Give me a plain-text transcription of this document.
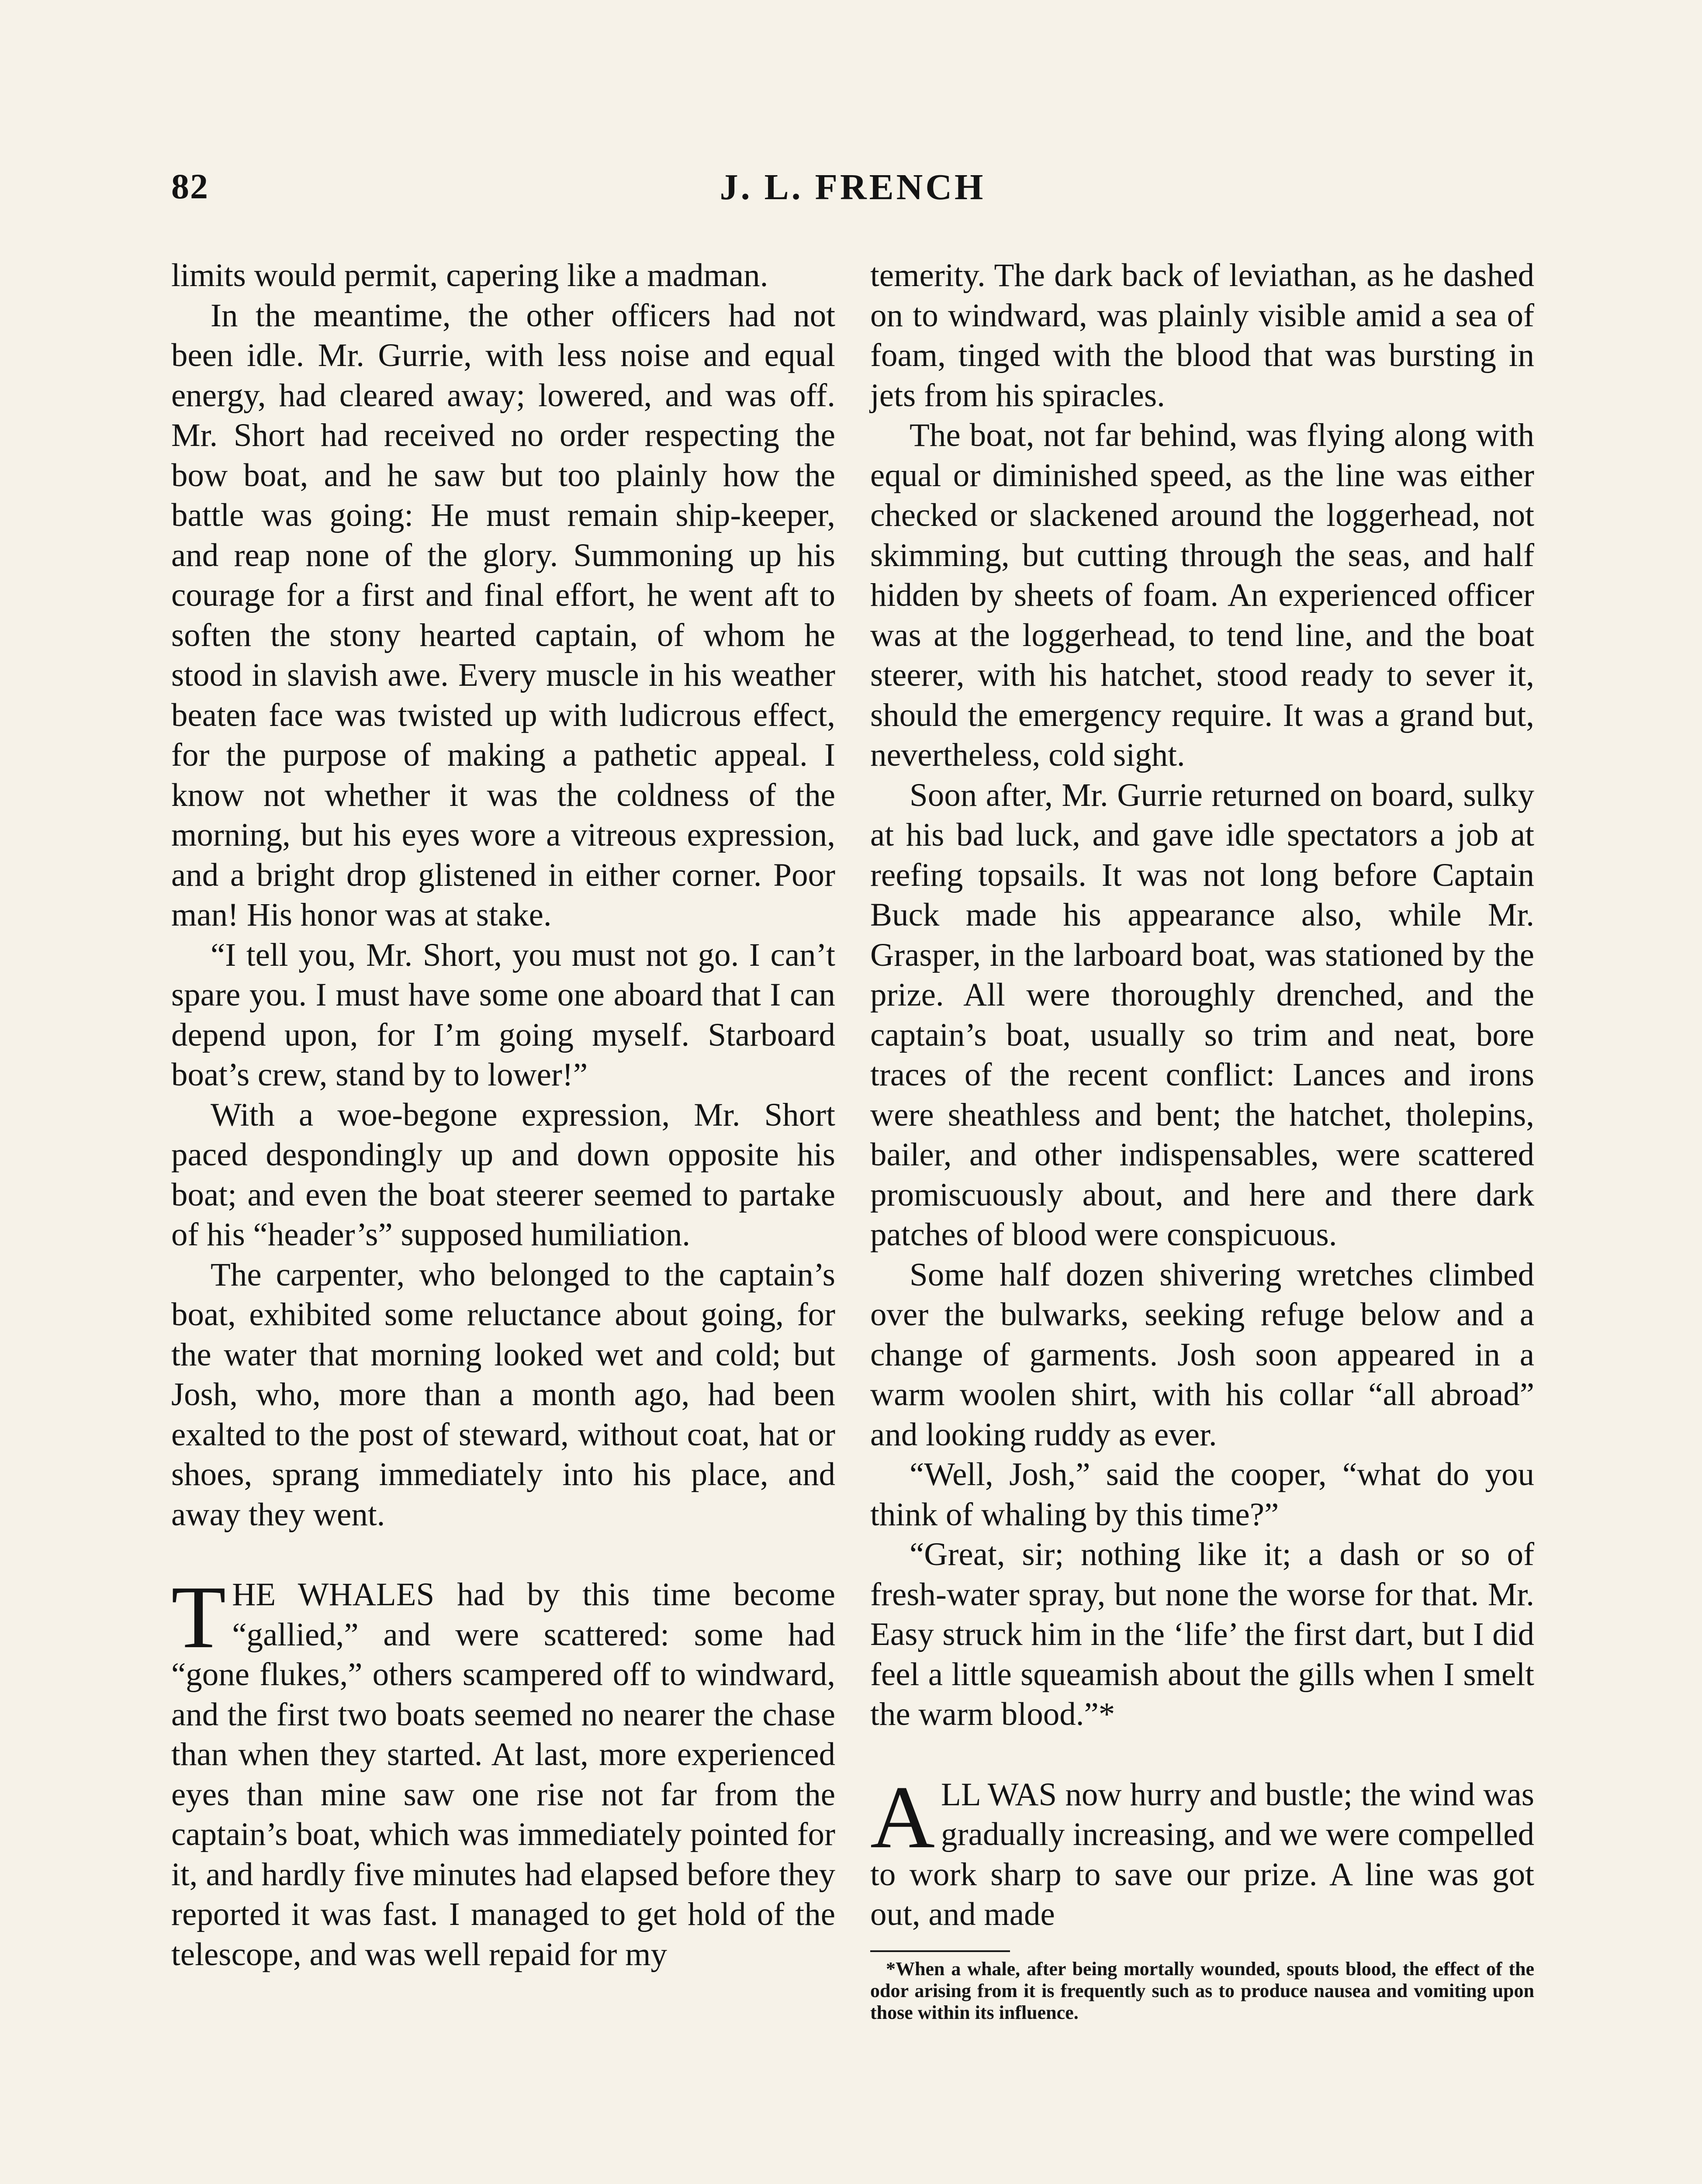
82	J. L. FRENCH

limits would permit, capering like a madman.

In the meantime, the other officers had not been idle. Mr. Gurrie, with less noise and equal energy, had cleared away; lowered, and was off. Mr. Short had received no order respecting the bow boat, and he saw but too plainly how the battle was going: He must remain ship-keeper, and reap none of the glory. Summoning up his courage for a first and final effort, he went aft to soften the stony hearted captain, of whom he stood in slavish awe. Every muscle in his weather beaten face was twisted up with ludicrous effect, for the purpose of making a pathetic appeal. I know not whether it was the coldness of the morning, but his eyes wore a vitreous expression, and a bright drop glistened in either corner. Poor man! His honor was at stake.

“I tell you, Mr. Short, you must not go. I can’t spare you. I must have some one aboard that I can depend upon, for I’m going myself. Starboard boat’s crew, stand by to lower!”

With a woe-begone expression, Mr. Short paced despondingly up and down opposite his boat; and even the boat steerer seemed to partake of his “header’s” supposed humiliation.

The carpenter, who belonged to the captain’s boat, exhibited some reluctance about going, for the water that morning looked wet and cold; but Josh, who, more than a month ago, had been exalted to the post of steward, without coat, hat or shoes, sprang immediately into his place, and away they went.

THE WHALES had by this time become “gallied,” and were scattered: some had “gone flukes,” others scampered off to windward, and the first two boats seemed no nearer the chase than when they started. At last, more experienced eyes than mine saw one rise not far from the captain’s boat, which was immediately pointed for it, and hardly five minutes had elapsed before they reported it was fast. I managed to get hold of the telescope, and was well repaid for my

temerity. The dark back of leviathan, as he dashed on to windward, was plainly visible amid a sea of foam, tinged with the blood that was bursting in jets from his spiracles.

The boat, not far behind, was flying along with equal or diminished speed, as the line was either checked or slackened around the loggerhead, not skimming, but cutting through the seas, and half hidden by sheets of foam. An experienced officer was at the loggerhead, to tend line, and the boat steerer, with his hatchet, stood ready to sever it, should the emergency require. It was a grand but, nevertheless, cold sight.

Soon after, Mr. Gurrie returned on board, sulky at his bad luck, and gave idle spectators a job at reefing topsails. It was not long before Captain Buck made his appearance also, while Mr. Grasper, in the larboard boat, was stationed by the prize. All were thoroughly drenched, and the captain’s boat, usually so trim and neat, bore traces of the recent conflict: Lances and irons were sheathless and bent; the hatchet, tholepins, bailer, and other indispensables, were scattered promiscuously about, and here and there dark patches of blood were conspicuous.

Some half dozen shivering wretches climbed over the bulwarks, seeking refuge below and a change of garments. Josh soon appeared in a warm woolen shirt, with his collar “all abroad” and looking ruddy as ever.

“Well, Josh,” said the cooper, “what do you think of whaling by this time?”

“Great, sir; nothing like it; a dash or so of fresh-water spray, but none the worse for that. Mr. Easy struck him in the ‘life’ the first dart, but I did feel a little squeamish about the gills when I smelt the warm blood.”*

ALL WAS now hurry and bustle; the wind was gradually increasing, and we were compelled to work sharp to save our prize. A line was got out, and made

*When a whale, after being mortally wounded, spouts blood, the effect of the odor arising from it is frequently such as to produce nausea and vomiting upon those within its influence.
